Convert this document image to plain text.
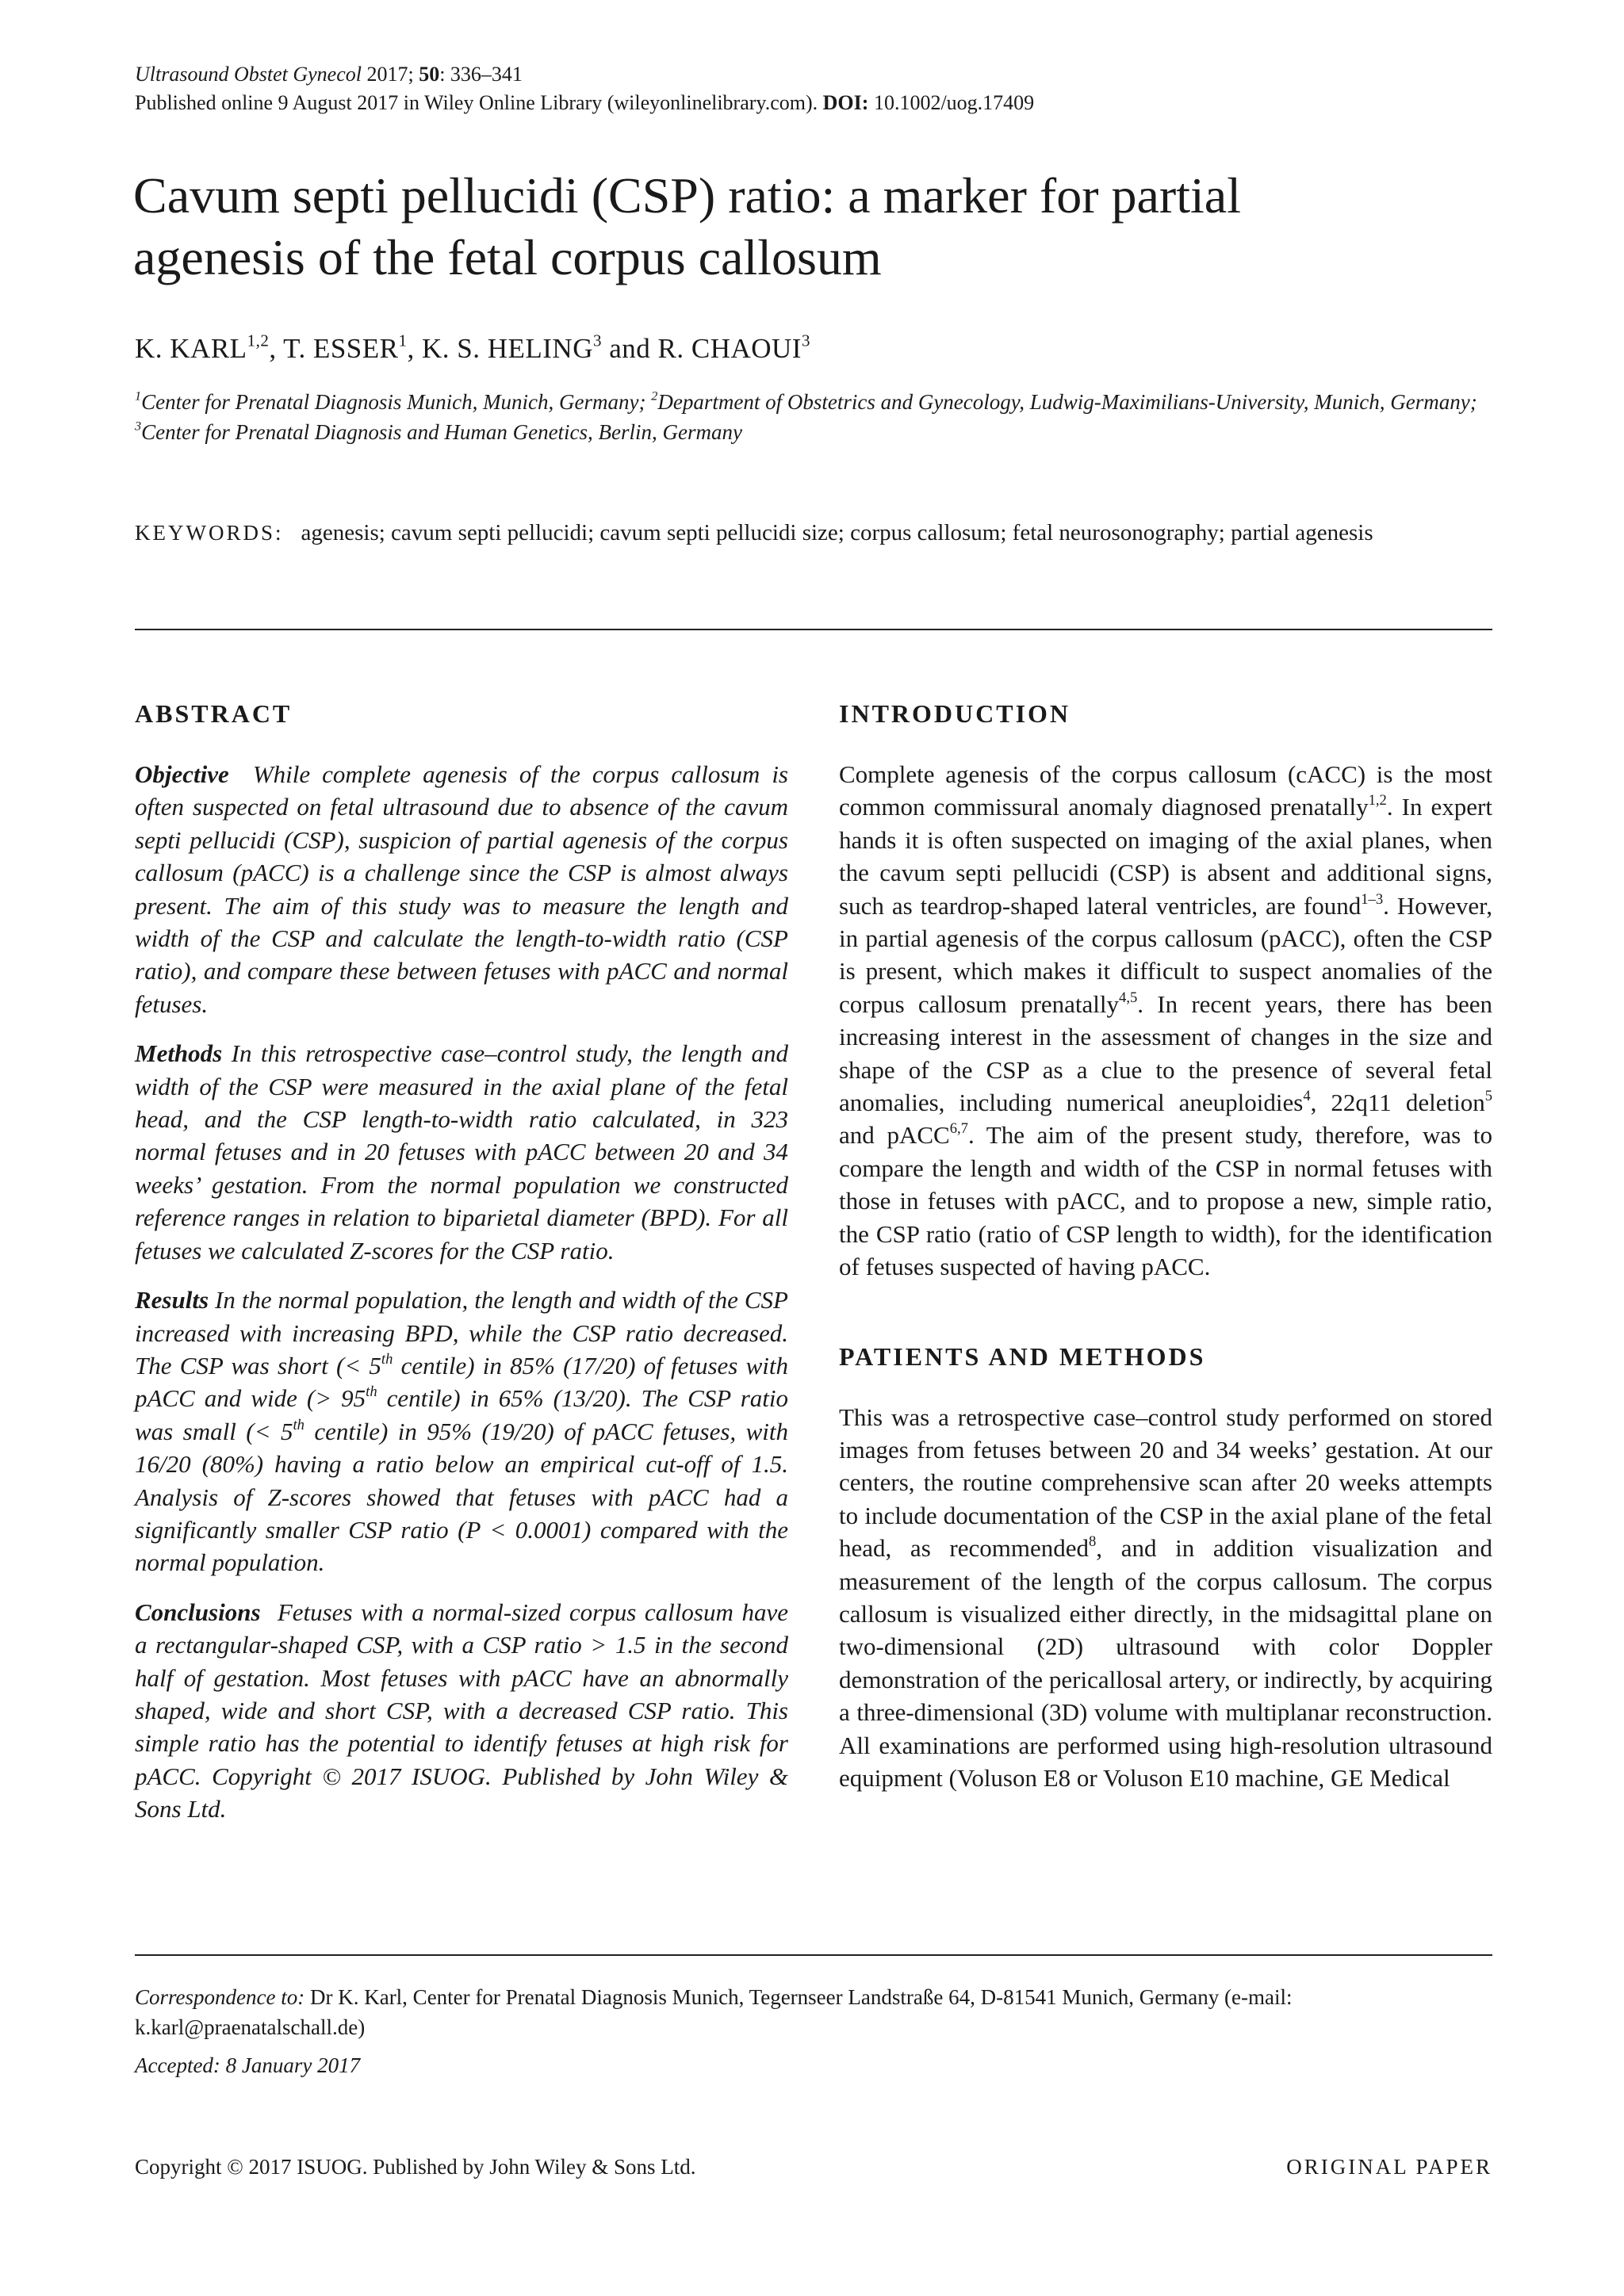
Ultrasound Obstet Gynecol 2017; 50: 336–341
Published online 9 August 2017 in Wiley Online Library (wileyonlinelibrary.com). DOI: 10.1002/uog.17409
Cavum septi pellucidi (CSP) ratio: a marker for partial
agenesis of the fetal corpus callosum
K. KARL$^{1,2}$, T. ESSER$^1$, K. S. HELING$^3$ and R. CHAOUI$^3$
$^1$Center for Prenatal Diagnosis Munich, Munich, Germany; $^2$Department of Obstetrics and Gynecology, Ludwig-Maximilians-University, Munich, Germany; $^3$Center for Prenatal Diagnosis and Human Genetics, Berlin, Germany
KEYWORDS: agenesis; cavum septi pellucidi; cavum septi pellucidi size; corpus callosum; fetal neurosonography; partial agenesis
ABSTRACT

Objective While complete agenesis of the corpus callosum is often suspected on fetal ultrasound due to absence of the cavum septi pellucidi (CSP), suspicion of partial agenesis of the corpus callosum (pACC) is a challenge since the CSP is almost always present. The aim of this study was to measure the length and width of the CSP and calculate the length-to-width ratio (CSP ratio), and compare these between fetuses with pACC and normal fetuses.

Methods In this retrospective case–control study, the length and width of the CSP were measured in the axial plane of the fetal head, and the CSP length-to-width ratio calculated, in 323 normal fetuses and in 20 fetuses with pACC between 20 and 34 weeks’ gestation. From the normal population we constructed reference ranges in relation to biparietal diameter (BPD). For all fetuses we calculated Z-scores for the CSP ratio.

Results In the normal population, the length and width of the CSP increased with increasing BPD, while the CSP ratio decreased. The CSP was short (< 5th centile) in 85% (17/20) of fetuses with pACC and wide (> 95th centile) in 65% (13/20). The CSP ratio was small (< 5th centile) in 95% (19/20) of pACC fetuses, with 16/20 (80%) having a ratio below an empirical cut-off of 1.5. Analysis of Z-scores showed that fetuses with pACC had a significantly smaller CSP ratio (P < 0.0001) compared with the normal population.

Conclusions Fetuses with a normal-sized corpus callosum have a rectangular-shaped CSP, with a CSP ratio > 1.5 in the second half of gestation. Most fetuses with pACC have an abnormally shaped, wide and short CSP, with a decreased CSP ratio. This simple ratio has the potential to identify fetuses at high risk for pACC. Copyright © 2017 ISUOG. Published by John Wiley & Sons Ltd.

INTRODUCTION

Complete agenesis of the corpus callosum (cACC) is the most common commissural anomaly diagnosed prenatally$^{1,2}$. In expert hands it is often suspected on imaging of the axial planes, when the cavum septi pellucidi (CSP) is absent and additional signs, such as teardrop-shaped lateral ventricles, are found$^{1-3}$. However, in partial agenesis of the corpus callosum (pACC), often the CSP is present, which makes it difficult to suspect anomalies of the corpus callosum prenatally$^{4,5}$. In recent years, there has been increasing interest in the assessment of changes in the size and shape of the CSP as a clue to the presence of several fetal anomalies, including numerical aneuploidies$^4$, 22q11 deletion$^5$ and pACC$^{6,7}$. The aim of the present study, therefore, was to compare the length and width of the CSP in normal fetuses with those in fetuses with pACC, and to propose a new, simple ratio, the CSP ratio (ratio of CSP length to width), for the identification of fetuses suspected of having pACC.

PATIENTS AND METHODS

This was a retrospective case–control study performed on stored images from fetuses between 20 and 34 weeks’ gestation. At our centers, the routine comprehensive scan after 20 weeks attempts to include documentation of the CSP in the axial plane of the fetal head, as recommended$^8$, and in addition visualization and measurement of the length of the corpus callosum. The corpus callosum is visualized either directly, in the midsagittal plane on two-dimensional (2D) ultrasound with color Doppler demonstration of the pericallosal artery, or indirectly, by acquiring a three-dimensional (3D) volume with multiplanar reconstruction. All examinations are performed using high-resolution ultrasound equipment (Voluson E8 or Voluson E10 machine, GE Medical

Correspondence to: Dr K. Karl, Center for Prenatal Diagnosis Munich, Tegernseer Landstraße 64, D-81541 Munich, Germany (e-mail: k.karl@praenatalschall.de)
Accepted: 8 January 2017
Copyright © 2017 ISUOG. Published by John Wiley & Sons Ltd.	ORIGINAL PAPER
